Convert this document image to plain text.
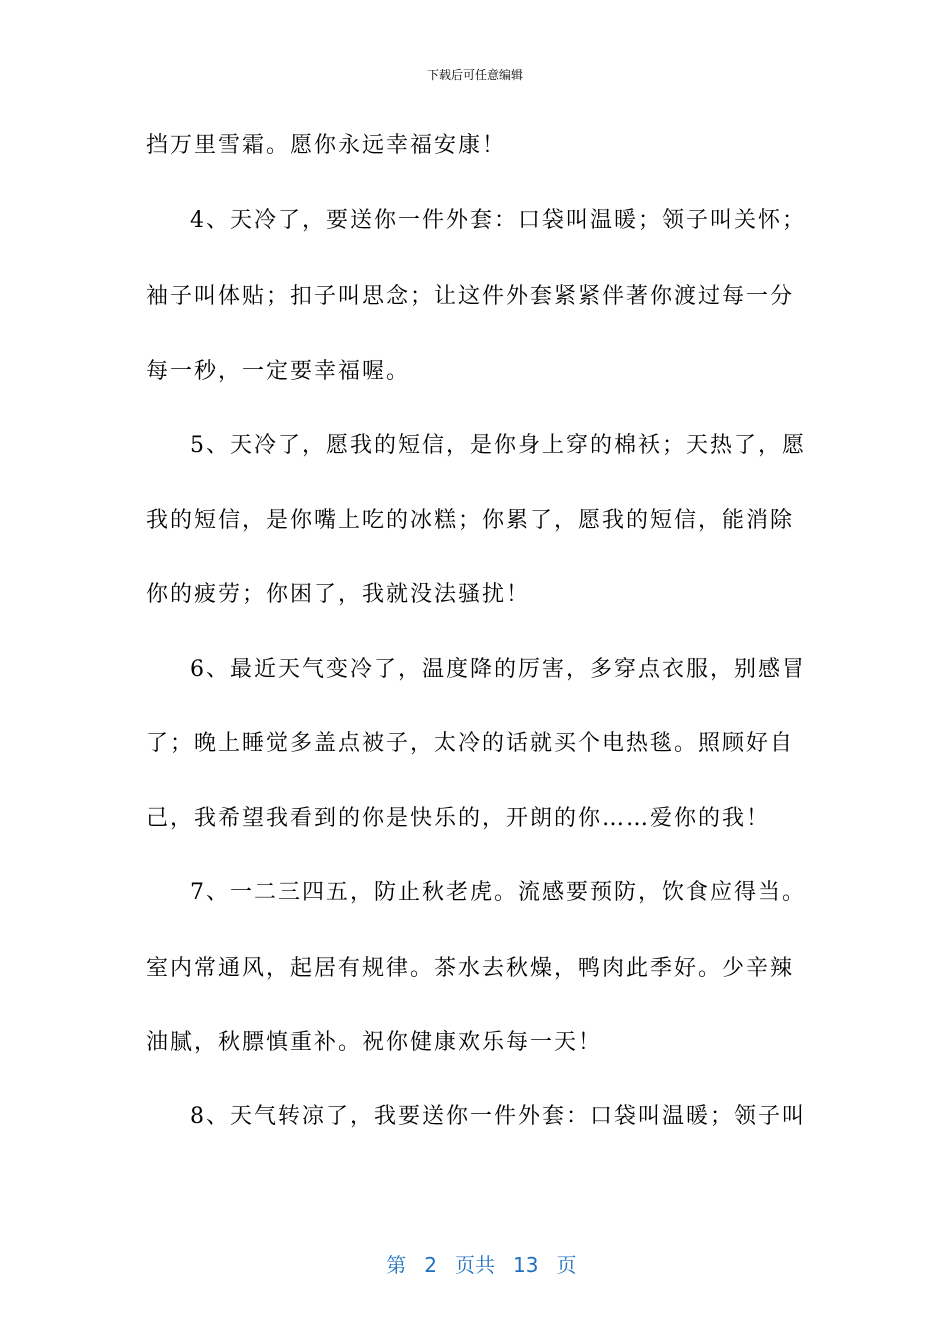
下载后可任意编辑
挡万里雪霜。愿你永远幸福安康！
4、天冷了，要送你一件外套：口袋叫温暖；领子叫关怀；
袖子叫体贴；扣子叫思念；让这件外套紧紧伴著你渡过每一分
每一秒，一定要幸福喔。
5、天冷了，愿我的短信，是你身上穿的棉袄；天热了，愿
我的短信，是你嘴上吃的冰糕；你累了，愿我的短信，能消除
你的疲劳；你困了，我就没法骚扰！
6、最近天气变冷了，温度降的厉害，多穿点衣服，别感冒
了；晚上睡觉多盖点被子，太冷的话就买个电热毯。照顾好自
己，我希望我看到的你是快乐的，开朗的你……爱你的我！
7、一二三四五，防止秋老虎。流感要预防，饮食应得当。
室内常通风，起居有规律。茶水去秋燥，鸭肉此季好。少辛辣
油腻，秋膘慎重补。祝你健康欢乐每一天！
8、天气转凉了，我要送你一件外套：口袋叫温暖；领子叫

第 2 页共 13 页
